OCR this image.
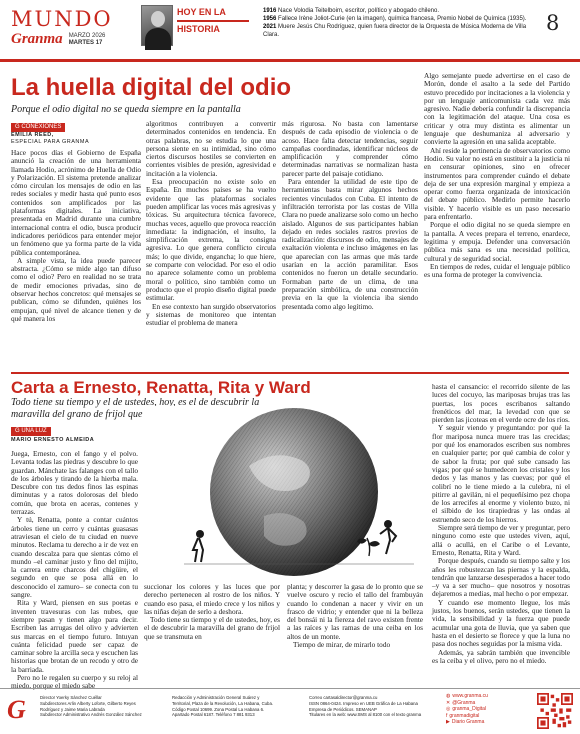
MUNDO
Granma MARZO 2026
MARTES 17
HOY EN LA
HISTORIA
1916 Nace Volodia Teitelboim, escritor, político y abogado chileno.
1956 Fallece Irène Joliot-Curie (en la imagen), química francesa, Premio Nobel de Química (1935).
2021 Muere Jesús Chu Rodríguez, quien fuera director de la Orquesta de Música Moderna de Villa Clara.	8
La huella digital del odio
Porque el odio digital no se queda siempre en la pantalla
G CONEXIONES
EMILIA REED,
ESPECIAL PARA GRANMA

Hace pocos días el Gobierno de España anunció la creación de una herramienta llamada Hodio, acrónimo de Huella de Odio y Polarización. El sistema pretende analizar cómo circulan los mensajes de odio en las redes sociales y medir hasta qué punto esos contenidos son amplificados por las plataformas digitales. La iniciativa, presentada en Madrid durante una cumbre internacional contra el odio, busca producir indicadores periódicos para entender mejor un fenómeno que ya forma parte de la vida pública contemporánea.

A simple vista, la idea puede parecer abstracta. ¿Cómo se mide algo tan difuso como el odio? Pero en realidad no se trata de medir emociones privadas, sino de observar hechos concretos: qué mensajes se publican, cómo se difunden, quiénes los empujan, qué nivel de alcance tienen y de qué manera los

algoritmos contribuyen a convertir determinados contenidos en tendencia. En otras palabras, no se estudia lo que una persona siente en su intimidad, sino cómo ciertos discursos hostiles se convierten en corrientes visibles de presión, agresividad e incitación a la violencia.

Esa preocupación no existe solo en España. En muchos países se ha vuelto evidente que las plataformas sociales pueden amplificar las voces más agresivas y tóxicas. Su arquitectura técnica favorece, muchas veces, aquello que provoca reacción inmediata: la indignación, el insulto, la simplificación extrema, la consigna agresiva. Lo que genera conflicto circula más; lo que divide, engancha; lo que hiere, se comparte con velocidad. Por eso el odio no aparece solamente como un problema moral o político, sino también como un producto que el propio diseño digital puede estimular.

En ese contexto han surgido observatorios y sistemas de monitoreo que intentan estudiar el problema de manera

más rigurosa. No basta con lamentarse después de cada episodio de violencia o de acoso. Hace falta detectar tendencias, seguir campañas coordinadas, identificar núcleos de amplificación y comprender cómo determinadas narrativas se normalizan hasta parecer parte del paisaje cotidiano.

Para entender la utilidad de este tipo de herramientas basta mirar algunos hechos recientes vinculados con Cuba. El intento de infiltración terrorista por las costas de Villa Clara no puede analizarse solo como un hecho aislado. Algunos de sus participantes habían dejado en redes sociales rastros previos de radicalización: discursos de odio, mensajes de exaltación violenta e incluso imágenes en las que aparecían con las armas que más tarde usarían en la acción paramilitar. Esos contenidos no fueron un detalle secundario. Formaban parte de un clima, de una preparación simbólica, de una construcción previa en la que la violencia iba siendo presentada como algo legítimo.

Algo semejante puede advertirse en el caso de Morón, donde el asalto a la sede del Partido estuvo precedido por incitaciones a la violencia y por un lenguaje anticomunista cada vez más agresivo. Nadie debería confundir la discrepancia con la legitimación del ataque. Una cosa es criticar y otra muy distinta es alimentar un lenguaje que deshumaniza al adversario y convierte la agresión en una salida aceptable.

Ahí reside la pertinencia de observatorios como Hodio. Su valor no está en sustituir a la justicia ni en censurar opiniones, sino en ofrecer instrumentos para comprender cuándo el debate deja de ser una expresión marginal y empieza a operar como fuerza organizada de intoxicación del debate público. Medirlo permite hacerlo visible. Y hacerlo visible es un paso necesario para enfrentarlo.

Porque el odio digital no se queda siempre en la pantalla. A veces prepara el terreno, enardece, legitima y empuja. Defender una conversación pública más sana es una necesidad política, cultural y de seguridad social.

En tiempos de redes, cuidar el lenguaje público es una forma de proteger la convivencia.

Carta a Ernesto, Renatta, Rita y Ward
Todo tiene su tiempo y el de ustedes, hoy, es el de descubrir la maravilla del grano de frijol que se transmuta en planta
G UNA LUZ
MARIO ERNESTO ALMEIDA

Juega, Ernesto, con el fango y el polvo. Levanta todas las piedras y descubre lo que guardan. Mánchate las falanges con el tallo de los árboles y tirando de la hierba mala. Descubre con tus dedos finos las espinas diminutas y a ratos dolorosas del bledo común, que brota en aceras, contenes y terrazas.

Y tú, Renatta, ponte a contar cuántos árboles tiene un cerro y cuántas guasasas atraviesan el cielo de tu ciudad en nueve minutos. Reclama tu derecho a ir de vez en cuando descalza para que sientas cómo el mundo –el caminar justo y fino del mijito, la carrera entre charcos del chigüire, el segundo en que se posa allá en lo desconocido el zamuro– se conecta con tu sangre.

Rita y Ward, piensen en sus poetas e inventen travesuras con las nubes, que siempre pasan y tienen algo para decir. Escriben las arrugas del olivo y advierten sus marcas en el tiempo futuro. Intuyan cuánta felicidad puede ser capaz de caminar sobre la arcilla seca y escuchen las historias que brotan de un recodo y otro de la barriada.

Pero no le regalen su cuerpo y su reloj al miedo, porque el miedo sabe

succionar los colores y las luces que por derecho pertenecen al rostro de los niños. Y cuando eso pasa, el miedo crece y los niños y las niñas dejan de serlo a deshora.

Todo tiene su tiempo y el de ustedes, hoy, es el de descubrir la maravilla del grano de frijol que se transmuta en

planta; y descorrer la gasa de lo pronto que se vuelve oscuro y recio el tallo del frambuyán cuando lo condenan a nacer y vivir en un frasco de vidrio; y entender que ni la belleza del bonsái ni la fiereza del ravo existen frente a las raíces y las ramas de una ceiba en los altos de un monte.

Tiempo de mirar, de mirarlo todo

hasta el cansancio: el recorrido silente de las luces del cocuyo, las mariposas brujas tras las puertas, los poces escribanos saltando frenéticos del mar, la levedad con que se pierden las jicoteas en el verde ocre de los ríos.

Y seguir viendo y preguntando: por qué la flor mariposa nunca muere tras las crecidas; por qué los enamorados escriben sus nombres en cualquier parte; por qué cambia de color y de sabor la fruta; por qué sube cansado las vigas; por qué se humedecen los cristales y los dedos y las manos y las cuevas; por qué el colibrí no le tiene miedo a la culebra, ni el pitirre al gavilán, ni el pequeñísimo pez chopa de los arrecifes al enorme y violento buzo, ni el silbido de los tirapiedras y las ondas al estruendo seco de los hierros.

Siempre será tiempo de ver y preguntar, pero ninguno como este que ustedes viven, aquí, allá o acullá, en el Caribe o el Levante, Ernesto, Renatta, Rita y Ward.

Porque después, cuando su tiempo salte y los años les robustezcan las piernas y la espalda, tendrán que lanzarse desesperados a hacer todo –y va a ser mucho– que nosotros y nosotras dejaremos a medias, mal hecho o por empezar.

Y cuando ese momento llegue, los más justos, los buenos, serán ustedes, que tienen la vida, la sensibilidad y la fuerza que puede acumular una gota de lluvia, que ya saben que hasta en el desierto se florece y que la luna no pasa dos noches seguidas por la misma vida.

Además, ya sabrán también que invencible es la ceiba y el olivo, pero no el miedo.

G	Director Yoerky Sánchez Cuéllar
Subdirectores Arlin Alberty Loforte, Gilberto Reyes
Rodríguez y Jaime Maria Labrada
Subdirector Administrativo Andrés González Sánchez
Redacción y Administración General Suárez y
Territorial, Plaza de la Revolución, La Habana, Cuba.
Código Postal 10699. Zona Postal La Habana 6.
Apartado Postal 6187. Teléfono 7 881 9313
Correo cartasaldirector@granma.cu
ISSN 0864-0424. Impreso en UEB Gráfica de La Habana
Empresa de Periódicos. SEMANAP
Titulares en la web: www.SMS al 8100 con el texto granma
◍ www.granma.cu
✕ @Granma
◎ granma_Digital
f granmadigital
▶ Diario Granma
